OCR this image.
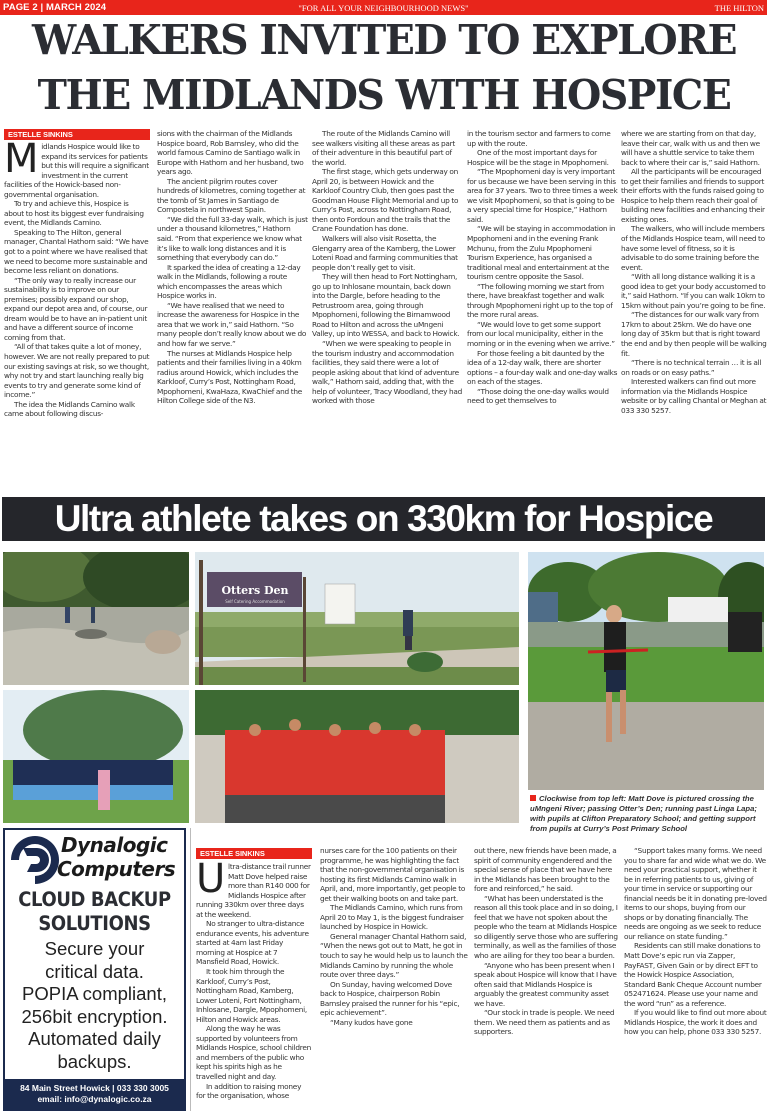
PAGE 2 | MARCH 2024	"FOR ALL YOUR NEIGHBOURHOOD NEWS"	THE HILTON
WALKERS INVITED TO EXPLORE
THE MIDLANDS WITH HOSPICE
ESTELLE SINKINS
M idlands Hospice would like to expand its services for patients but this will require a significant investment in the current facilities of the Howick-based non-governmental organisation.

To try and achieve this, Hospice is about to host its biggest ever fundraising event, the Midlands Camino.

Speaking to The Hilton, general manager, Chantal Hathorn said: “We have got to a point where we have realised that we need to become more sustainable and become less reliant on donations.

“The only way to really increase our sustainability is to improve on our premises; possibly expand our shop, expand our depot area and, of course, our dream would be to have an in-patient unit and have a different source of income coming from that.

“All of that takes quite a lot of money, however. We are not really prepared to put our existing savings at risk, so we thought, why not try and start launching really big events to try and generate some kind of income.”

The idea the Midlands Camino walk came about following discus-

sions with the chairman of the Midlands Hospice board, Rob Barnsley, who did the world famous Camino de Santiago walk in Europe with Hathorn and her husband, two years ago.

The ancient pilgrim routes cover hundreds of kilometres, coming together at the tomb of St James in Santiago de Compostela in northwest Spain.

“We did the full 33-day walk, which is just under a thousand kilometres,” Hathorn said. “From that experience we know what it’s like to walk long distances and it is something that everybody can do.”

It sparked the idea of creating a 12-day walk in the Midlands, following a route which encompasses the areas which Hospice works in.

“We have realised that we need to increase the awareness for Hospice in the area that we work in,” said Hathorn. “So many people don’t really know about we do and how far we serve.”

The nurses at Midlands Hospice help patients and their families living in a 40km radius around Howick, which includes the Karkloof, Curry’s Post, Nottingham Road, Mpophomeni, KwaHaza, KwaChief and the Hilton College side of the N3.

The route of the Midlands Camino will see walkers visiting all these areas as part of their adventure in this beautiful part of the world.

The first stage, which gets underway on April 20, is between Howick and the Karkloof Country Club, then goes past the Goodman House Flight Memorial and up to Curry’s Post, across to Nottingham Road, then onto Fordoun and the trails that the Crane Foundation has done.

Walkers will also visit Rosetta, the Glengarry area of the Kamberg, the Lower Loteni Road and farming communities that people don’t really get to visit.

They will then head to Fort Nottingham, go up to Inhlosane mountain, back down into the Dargle, before heading to the Petrustroom area, going through Mpophomeni, following the Birnamwood Road to Hilton and across the uMngeni Valley, up into WESSA, and back to Howick.

“When we were speaking to people in the tourism industry and accommodation facilities, they said there were a lot of people asking about that kind of adventure walk,” Hathorn said, adding that, with the help of volunteer, Tracy Woodland, they had worked with those

in the tourism sector and farmers to come up with the route.

One of the most important days for Hospice will be the stage in Mpophomeni.

“The Mpophomeni day is very important for us because we have been serving in this area for 37 years. Two to three times a week we visit Mpophomeni, so that is going to be a very special time for Hospice,” Hathorn said.

“We will be staying in accommodation in Mpophomeni and in the evening Frank Mchunu, from the Zulu Mpophomeni Tourism Experience, has organised a traditional meal and entertainment at the tourism centre opposite the Sasol.

“The following morning we start from there, have breakfast together and walk through Mpophomeni right up to the top of the more rural areas.

“We would love to get some support from our local municipality, either in the morning or in the evening when we arrive.”

For those feeling a bit daunted by the idea of a 12-day walk, there are shorter options – a four-day walk and one-day walks on each of the stages.

“Those doing the one-day walks would need to get themselves to

where we are starting from on that day, leave their car, walk with us and then we will have a shuttle service to take them back to where their car is,” said Hathorn.

All the participants will be encouraged to get their families and friends to support their efforts with the funds raised going to Hospice to help them reach their goal of building new facilities and enhancing their existing ones.

The walkers, who will include members of the Midlands Hospice team, will need to have some level of fitness, so it is advisable to do some training before the event.

“With all long distance walking it is a good idea to get your body accustomed to it,” said Hathorn. “If you can walk 10km to 15km without pain you’re going to be fine.

“The distances for our walk vary from 17km to about 25km. We do have one long day of 35km but that is right toward the end and by then people will be walking fit.

“There is no technical terrain … it is all on roads or on easy paths.”

Interested walkers can find out more information via the Midlands Hospice website or by calling Chantal or Meghan at 033 330 5257.

Ultra athlete takes on 330km for Hospice
Otters Den
Self Catering Accommodation
Clockwise from top left: Matt Dove is pictured crossing the uMngeni River; passing Otter’s Den; running past Linga Lapa; with pupils at Clifton Preparatory School; and getting support from pupils at Curry’s Post Primary School
Dynalogic
Computers
CLOUD BACKUP
SOLUTIONS
Secure your
critical data.
POPIA compliant,
256bit encryption.
Automated daily
backups.
84 Main Street Howick | 033 330 3005
email: info@dynalogic.co.za
ESTELLE SINKINS
U ltra-distance trail runner Matt Dove helped raise more than R140 000 for Midlands Hospice after running 330km over three days at the weekend.

No stranger to ultra-distance endurance events, his adventure started at 4am last Friday morning at Hospice at 7 Mansfield Road, Howick.

It took him through the Karkloof, Curry’s Post, Nottingham Road, Kamberg, Lower Loteni, Fort Nottingham, Inhlosane, Dargle, Mpophomeni, Hilton and Howick areas.

Along the way he was supported by volunteers from Midlands Hospice, school children and members of the public who kept his spirits high as he travelled night and day.

In addition to raising money for the organisation, whose

nurses care for the 100 patients on their programme, he was highlighting the fact that the non-governmental organisation is hosting its first Midlands Camino walk in April, and, more importantly, get people to get their walking boots on and take part.

The Midlands Camino, which runs from April 20 to May 1, is the biggest fundraiser launched by Hospice in Howick.

General manager Chantal Hathorn said, “When the news got out to Matt, he got in touch to say he would help us to launch the Midlands Camino by running the whole route over three days.”

On Sunday, having welcomed Dove back to Hospice, chairperson Robin Barnsley praised the runner for his “epic, epic achievement”.

“Many kudos have gone

out there, new friends have been made, a spirit of community engendered and the special sense of place that we have here in the Midlands has been brought to the fore and reinforced,” he said.

“What has been understated is the reason all this took place and in so doing, I feel that we have not spoken about the people who the team at Midlands Hospice so diligently serve those who are suffering terminally, as well as the families of those who are ailing for they too bear a burden.

“Anyone who has been present when I speak about Hospice will know that I have often said that Midlands Hospice is arguably the greatest community asset we have.

“Our stock in trade is people. We need them. We need them as patients and as supporters.

“Support takes many forms. We need you to share far and wide what we do. We need your practical support, whether it be in referring patients to us, giving of your time in service or supporting our financial needs be it in donating pre-loved items to our shops, buying from our shops or by donating financially. The needs are ongoing as we seek to reduce our reliance on state funding.”

Residents can still make donations to Matt Dove’s epic run via Zapper, PayFAST, Given Gain or by direct EFT to the Howick Hospice Association, Standard Bank Cheque Account number 052471624. Please use your name and the word “run” as a reference.

If you would like to find out more about Midlands Hospice, the work it does and how you can help, phone 033 330 5257.
